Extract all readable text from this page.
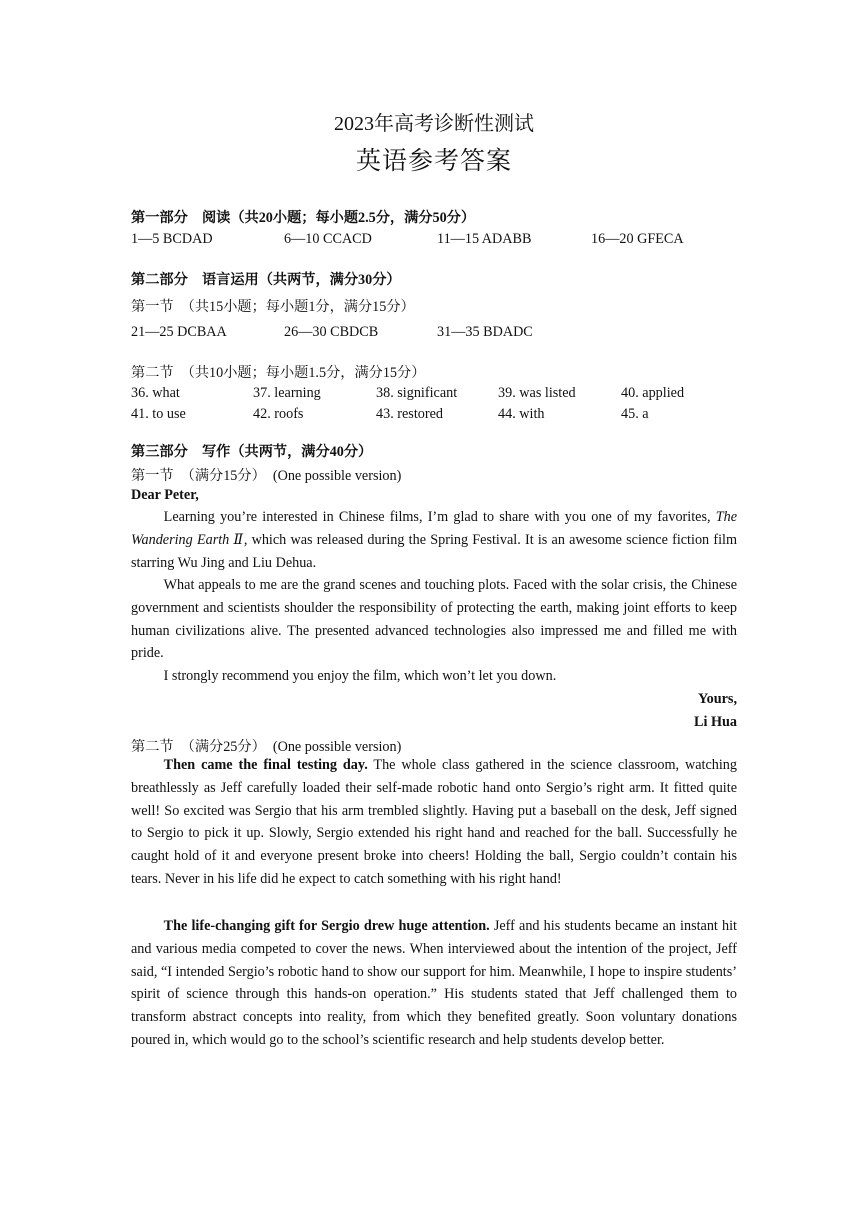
2023年高考诊断性测试
英语参考答案
第一部分　阅读（共20小题；每小题2.5分，满分50分）
1—5 BCDAD	6—10 CCACD	11—15 ADABB	16—20 GFECA
第二部分　语言运用（共两节，满分30分）
第一节　（共15小题；每小题1分，满分15分）
21—25 DCBAA	26—30 CBDCB	31—35 BDADC
第二节　（共10小题；每小题1.5分，满分15分）
36. what	37. learning	38. significant	39. was listed	40. applied
41. to use	42. roofs	43. restored	44. with	45. a
第三部分　写作（共两节，满分40分）
第一节　（满分15分）　(One possible version)
Dear Peter,

Learning you’re interested in Chinese films, I’m glad to share with you one of my favorites, The Wandering Earth Ⅱ, which was released during the Spring Festival. It is an awesome science fiction film starring Wu Jing and Liu Dehua.

What appeals to me are the grand scenes and touching plots. Faced with the solar crisis, the Chinese government and scientists shoulder the responsibility of protecting the earth, making joint efforts to keep human civilizations alive. The presented advanced technologies also impressed me and filled me with pride.

I strongly recommend you enjoy the film, which won’t let you down.

Yours,
Li Hua
第二节　（满分25分）　(One possible version)

Then came the final testing day. The whole class gathered in the science classroom, watching breathlessly as Jeff carefully loaded their self-made robotic hand onto Sergio’s right arm. It fitted quite well! So excited was Sergio that his arm trembled slightly. Having put a baseball on the desk, Jeff signed to Sergio to pick it up. Slowly, Sergio extended his right hand and reached for the ball. Successfully he caught hold of it and everyone present broke into cheers! Holding the ball, Sergio couldn’t contain his tears. Never in his life did he expect to catch something with his right hand!

The life-changing gift for Sergio drew huge attention. Jeff and his students became an instant hit and various media competed to cover the news. When interviewed about the intention of the project, Jeff said, “I intended Sergio’s robotic hand to show our support for him. Meanwhile, I hope to inspire students’ spirit of science through this hands-on operation.” His students stated that Jeff challenged them to transform abstract concepts into reality, from which they benefited greatly. Soon voluntary donations poured in, which would go to the school’s scientific research and help students develop better.
